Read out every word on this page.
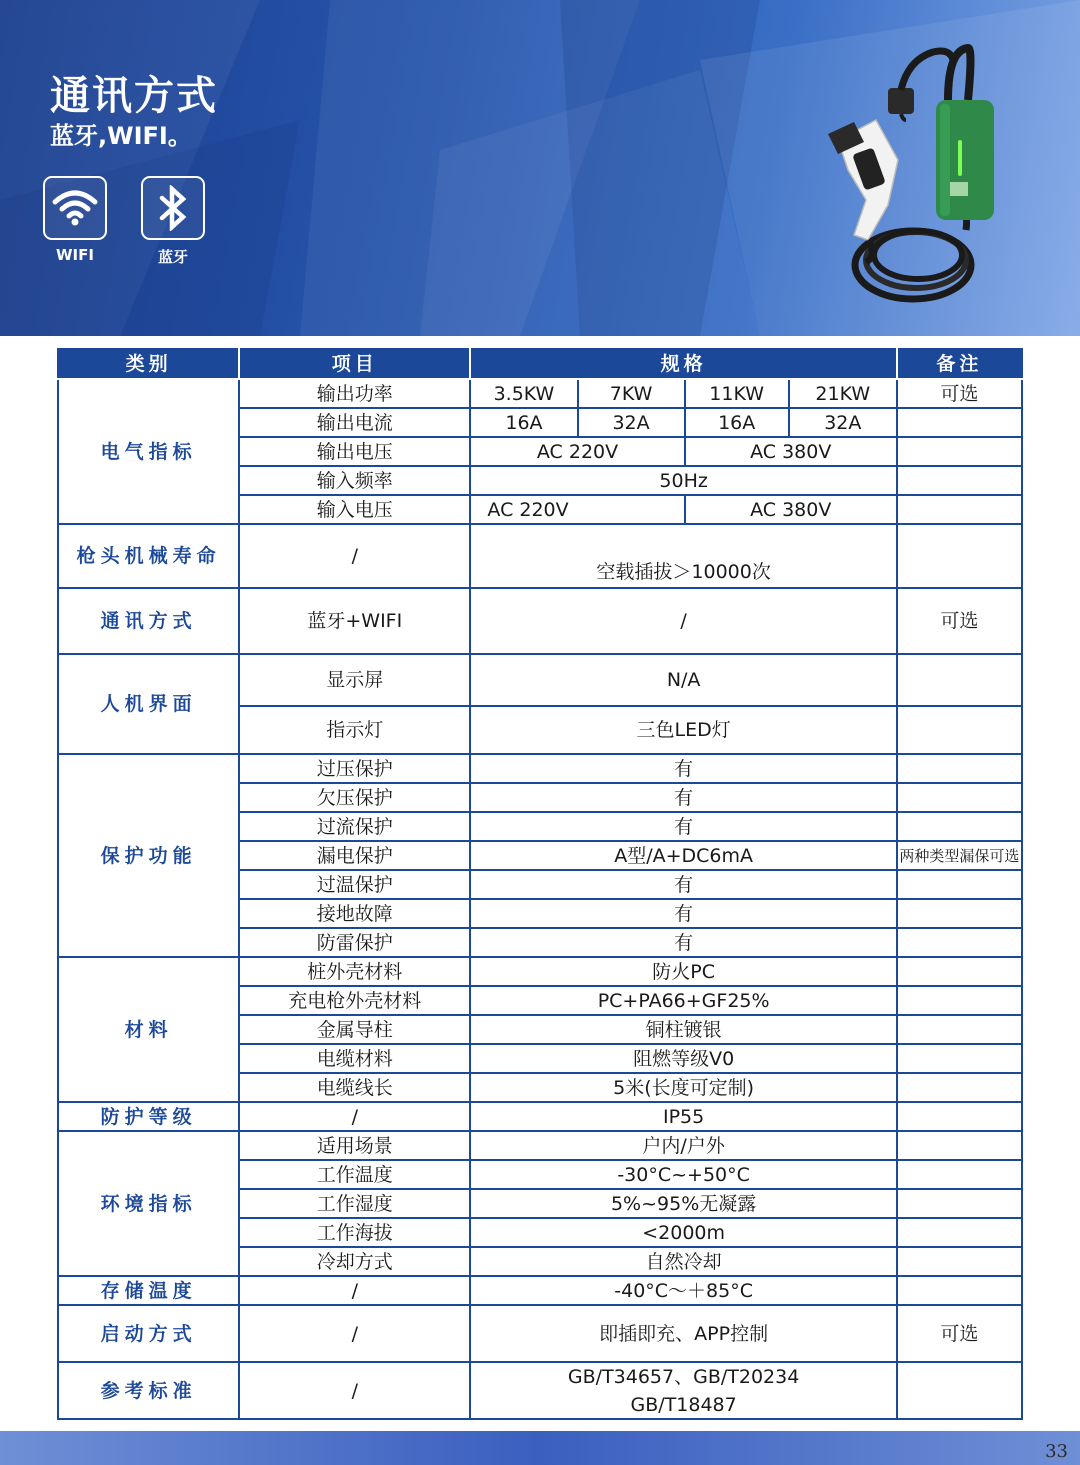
通讯方式

蓝牙,WIFI。

WIFI	蓝牙
类别	项目	规格				备注
电气指标	输出功率	3.5KW	7KW	11KW	21KW	可选
	输出电流	16A	32A	16A	32A	
	输出电压	AC 220V		AC 380V		
	输入频率	50Hz				
	输入电压	AC 220V		AC 380V		
枪头机械寿命	/	空载插拔＞10000次				
通讯方式	蓝牙+WIFI	/				可选
人机界面	显示屏	N/A				
	指示灯	三色LED灯				
保护功能	过压保护	有				
	欠压保护	有				
	过流保护	有				
	漏电保护	A型/A+DC6mA				两种类型漏保可选
	过温保护	有				
	接地故障	有				
	防雷保护	有				
材料	桩外壳材料	防火PC				
	充电枪外壳材料	PC+PA66+GF25%				
	金属导柱	铜柱镀银				
	电缆材料	阻燃等级V0				
	电缆线长	5米(长度可定制)				
防护等级	/	IP55				
环境指标	适用场景	户内/户外				
	工作温度	-30°C~+50°C				
	工作湿度	5%~95%无凝露				
	工作海拔	<2000m				
	冷却方式	自然冷却				
存储温度	/	-40°C～＋85°C				
启动方式	/	即插即充、APP控制				可选
参考标准	/	GB/T34657、GB/T20234
GB/T18487				

33
